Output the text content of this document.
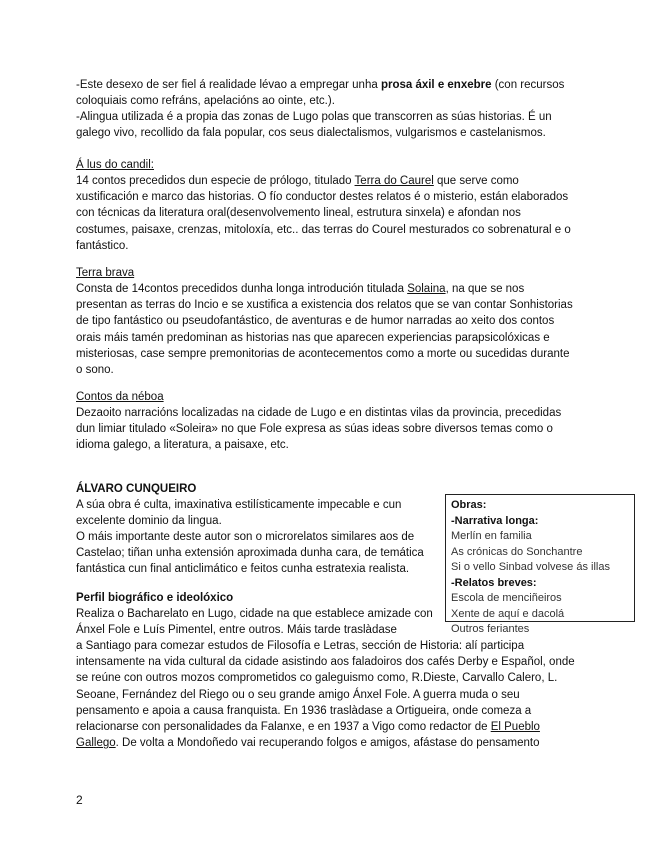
-Este desexo de ser fiel á realidade lévao a empregar unha prosa áxil e enxebre (con recursos coloquiais como refráns, apelacións ao ointe, etc.).

-Alingua utilizada é a propia das zonas de Lugo polas que transcorren as súas historias. É un galego vivo, recollido da fala popular, cos seus dialectalismos, vulgarismos e castelanismos.

Á lus do candil:

14 contos precedidos dun especie de prólogo, titulado Terra do Caurel que serve como xustificación e marco das historias. O fío conductor destes relatos é o misterio, están elaborados con técnicas da literatura oral(desenvolvemento lineal, estrutura sinxela) e afondan nos costumes, paisaxe, crenzas, mitoloxía, etc.. das terras do Courel mesturados co sobrenatural e o fantástico.

Terra brava

Consta de 14contos precedidos dunha longa introdución titulada Solaina, na que se nos presentan as terras do Incio e se xustifica a existencia dos relatos que se van contar Sonhistorias de tipo fantástico ou pseudofantástico, de aventuras e de humor narradas ao xeito dos contos orais máis tamén predominan as historias nas que aparecen experiencias parapsicolóxicas e misteriosas, case sempre premonitorias de acontecementos como a morte ou sucedidas durante o sono.

Contos da néboa

Dezaoito narracións localizadas na cidade de Lugo e en distintas vilas da provincia, precedidas dun limiar titulado «Soleira» no que Fole expresa as súas ideas sobre diversos temas como o idioma galego, a literatura, a paisaxe, etc.

ÁLVARO CUNQUEIRO

A súa obra é culta, imaxinativa estilísticamente impecable e cun excelente dominio da lingua.

O máis importante deste autor son o microrelatos similares aos de Castelao; tiñan unha extensión aproximada dunha cara, de temática fantástica cun final anticlimático e feitos cunha estratexia realista.

Perfil biográfico e ideolóxico

Realiza o Bacharelato en Lugo, cidade na que establece amizade con Ánxel Fole e Luís Pimentel, entre outros. Máis tarde traslàdase

a Santiago para comezar estudos de Filosofía e Letras, sección de Historia: alí participa intensamente na vida cultural da cidade asistindo aos faladoiros dos cafés Derby e Español, onde se reúne con outros mozos comprometidos co galeguismo como, R.Dieste, Carvallo Calero, L. Seoane, Fernández del Riego ou o seu grande amigo Ánxel Fole. A guerra muda o seu pensamento e apoia a causa franquista. En 1936 traslàdase a Ortigueira, onde comeza a relacionarse con personalidades da Falanxe, e en 1937 a Vigo como redactor de El Pueblo Gallego. De volta a Mondoñedo vai recuperando folgos e amigos, afástase do pensamento

Obras:
-Narrativa longa:
Merlín en familia
As crónicas do Sonchantre
Si o vello Sinbad volvese ás illas
-Relatos breves:
Escola de menciñeiros
Xente de aquí e dacolá
Outros feriantes
2
